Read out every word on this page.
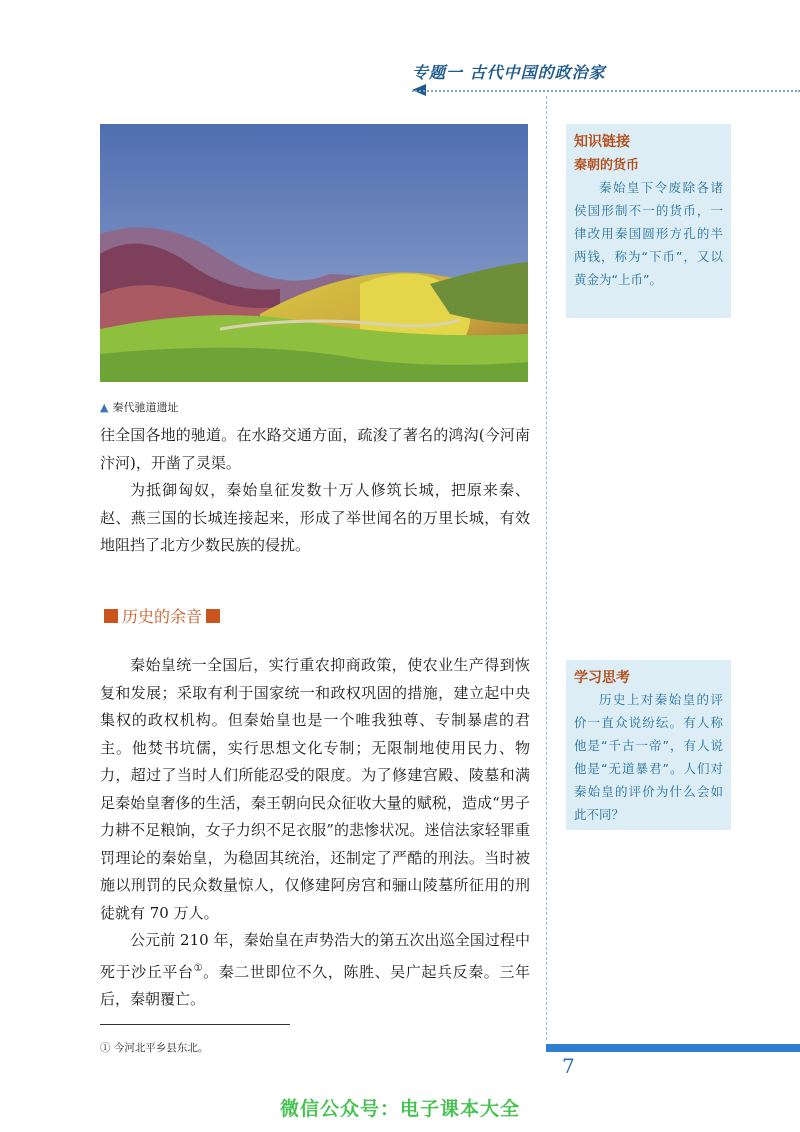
专题一 古代中国的政治家
▲ 秦代驰道遗址

往全国各地的驰道。在水路交通方面，疏浚了著名的鸿沟(今河南汴河)，开凿了灵渠。

为抵御匈奴，秦始皇征发数十万人修筑长城，把原来秦、赵、燕三国的长城连接起来，形成了举世闻名的万里长城，有效地阻挡了北方少数民族的侵扰。

历史的余音

秦始皇统一全国后，实行重农抑商政策，使农业生产得到恢复和发展；采取有利于国家统一和政权巩固的措施，建立起中央集权的政权机构。但秦始皇也是一个唯我独尊、专制暴虐的君主。他焚书坑儒，实行思想文化专制；无限制地使用民力、物力，超过了当时人们所能忍受的限度。为了修建宫殿、陵墓和满足秦始皇奢侈的生活，秦王朝向民众征收大量的赋税，造成“男子力耕不足粮饷，女子力织不足衣服”的悲惨状况。迷信法家轻罪重罚理论的秦始皇，为稳固其统治，还制定了严酷的刑法。当时被施以刑罚的民众数量惊人，仅修建阿房宫和骊山陵墓所征用的刑徒就有 70 万人。

公元前 210 年，秦始皇在声势浩大的第五次出巡全国过程中死于沙丘平台①。秦二世即位不久，陈胜、吴广起兵反秦。三年后，秦朝覆亡。

知识链接
秦朝的货币
秦始皇下令废除各诸侯国形制不一的货币，一律改用秦国圆形方孔的半两钱，称为“下币”，又以黄金为“上币”。
学习思考
历史上对秦始皇的评价一直众说纷纭。有人称他是“千古一帝”，有人说他是“无道暴君”。人们对秦始皇的评价为什么会如此不同？
① 今河北平乡县东北。
7
微信公众号：电子课本大全
